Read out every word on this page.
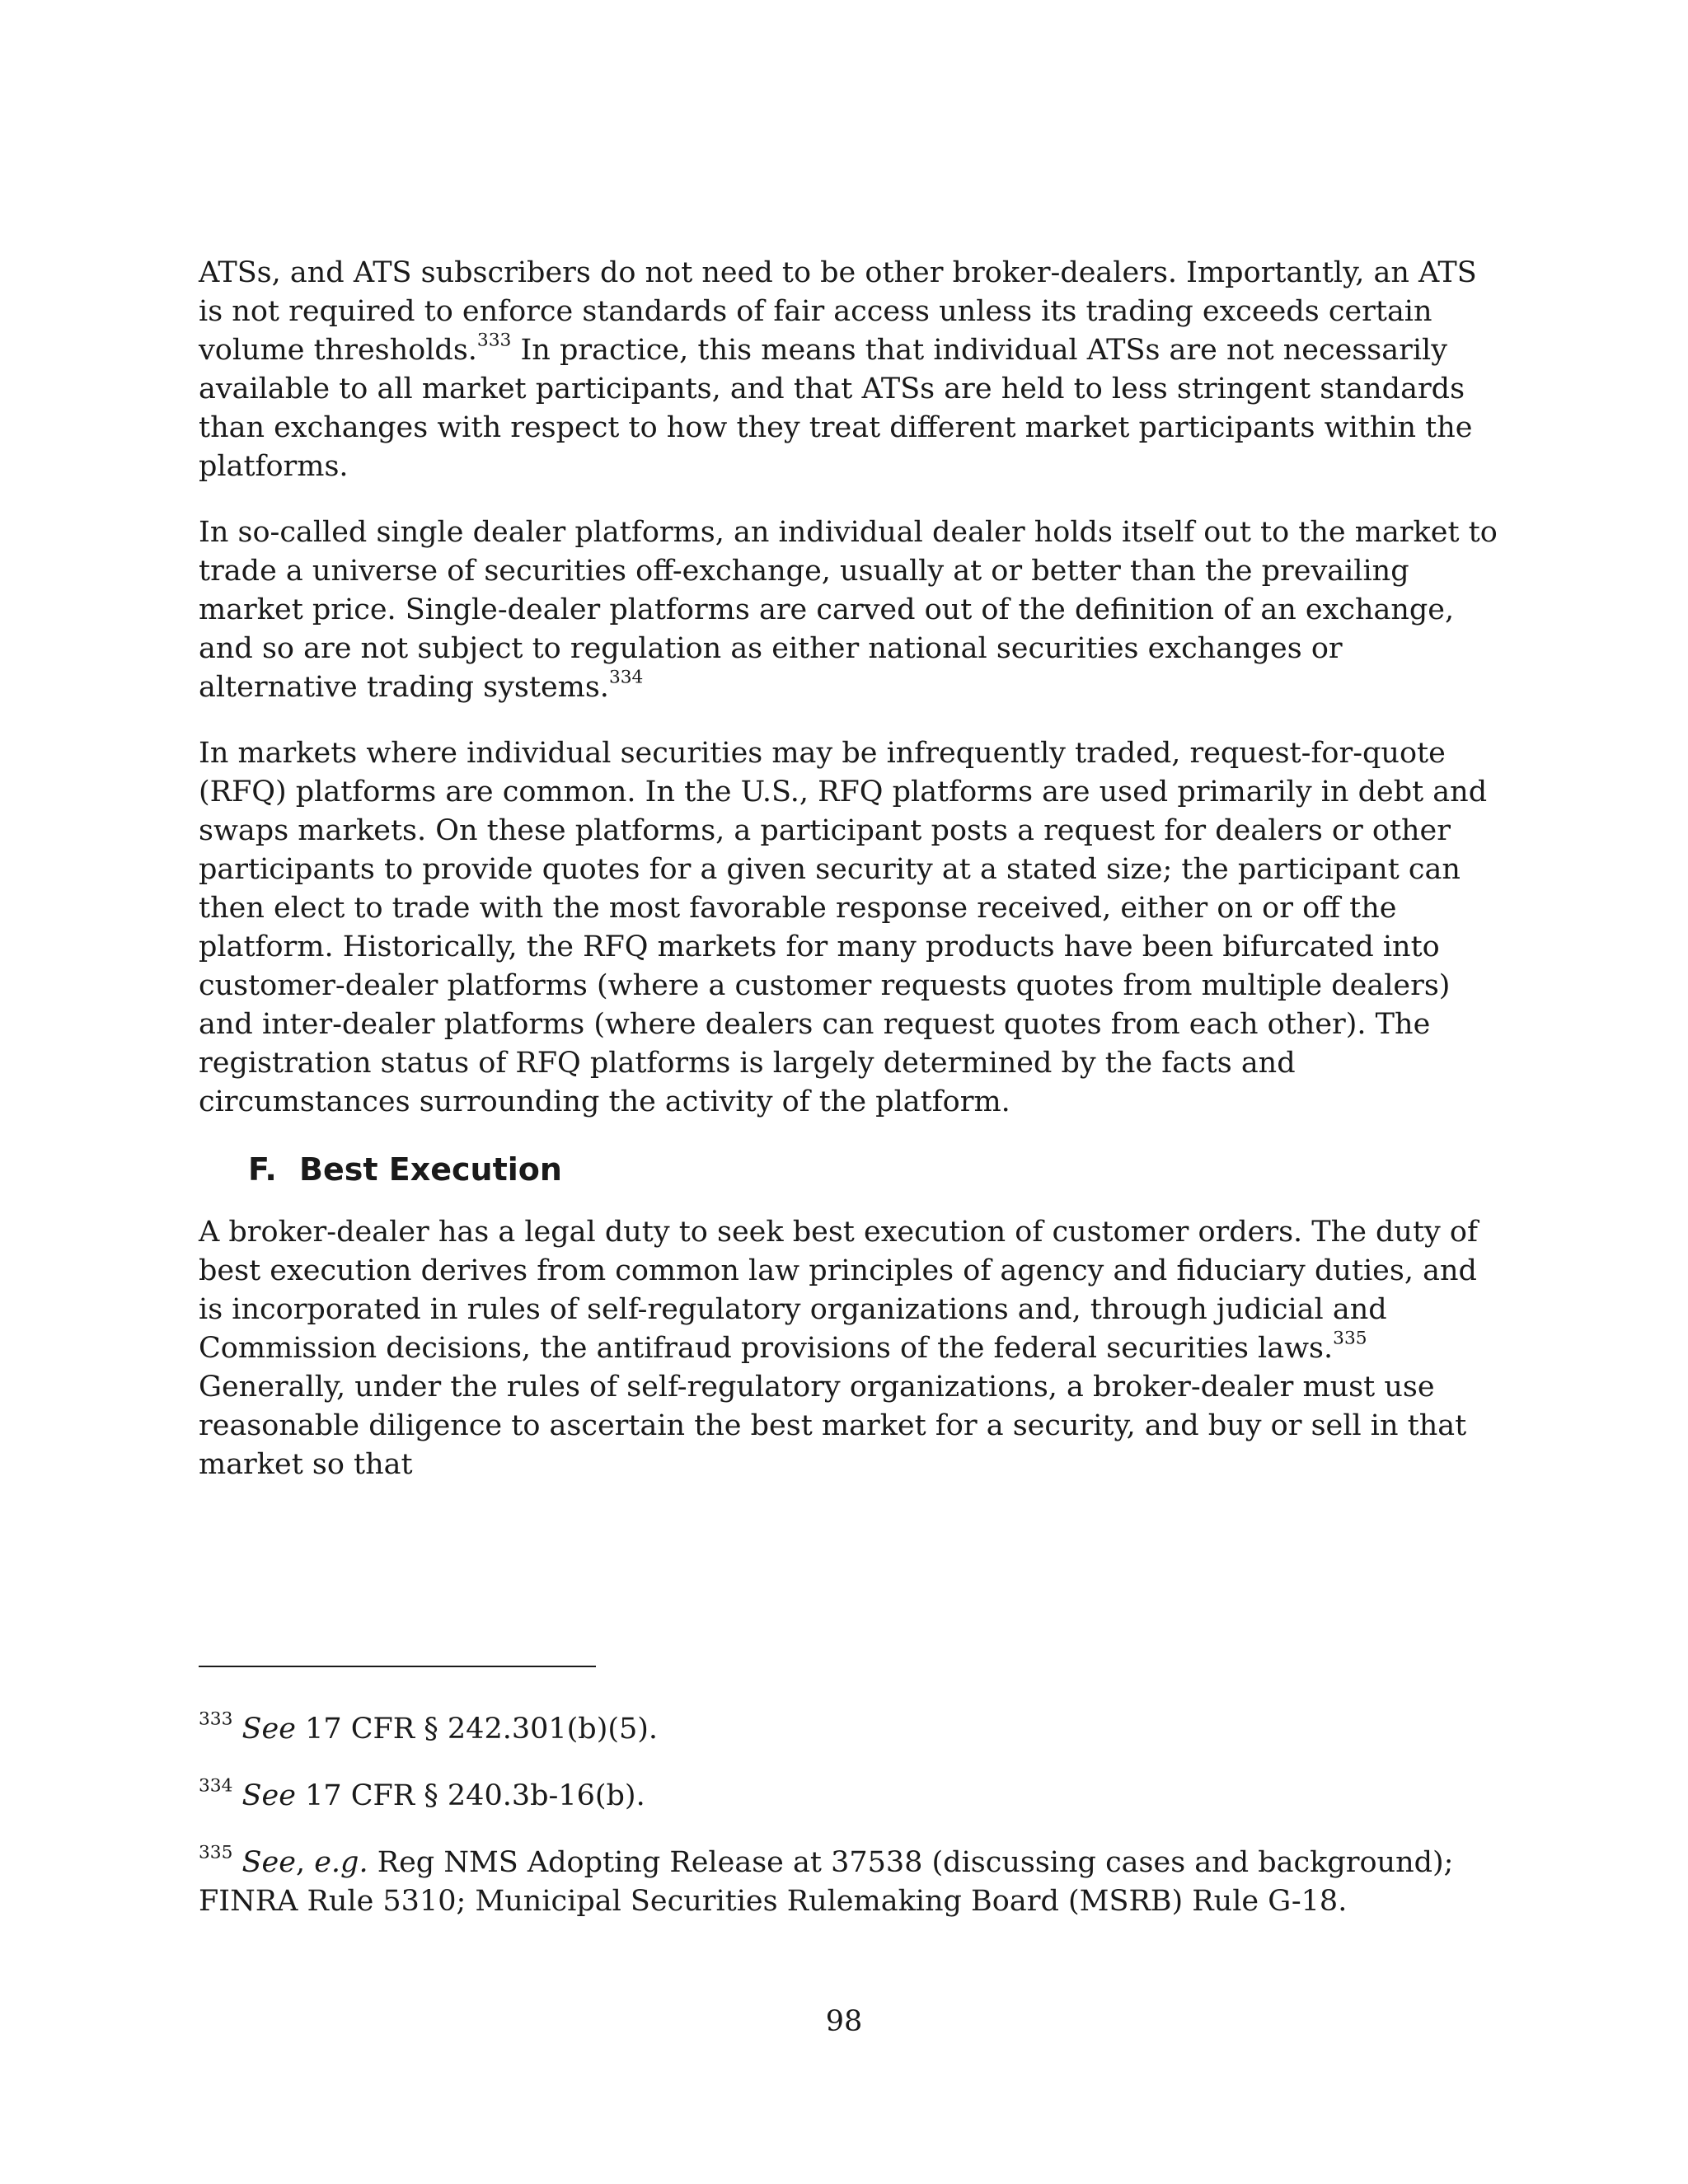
ATSs, and ATS subscribers do not need to be other broker-dealers. Importantly, an ATS is not required to enforce standards of fair access unless its trading exceeds certain volume thresholds.$^{333}$ In practice, this means that individual ATSs are not necessarily available to all market participants, and that ATSs are held to less stringent standards than exchanges with respect to how they treat different market participants within the platforms.

In so-called single dealer platforms, an individual dealer holds itself out to the market to trade a universe of securities off-exchange, usually at or better than the prevailing market price. Single-dealer platforms are carved out of the definition of an exchange, and so are not subject to regulation as either national securities exchanges or alternative trading systems.$^{334}$

In markets where individual securities may be infrequently traded, request-for-quote (RFQ) platforms are common. In the U.S., RFQ platforms are used primarily in debt and swaps markets. On these platforms, a participant posts a request for dealers or other participants to provide quotes for a given security at a stated size; the participant can then elect to trade with the most favorable response received, either on or off the platform. Historically, the RFQ markets for many products have been bifurcated into customer-dealer platforms (where a customer requests quotes from multiple dealers) and inter-dealer platforms (where dealers can request quotes from each other). The registration status of RFQ platforms is largely determined by the facts and circumstances surrounding the activity of the platform.

F. Best Execution

A broker-dealer has a legal duty to seek best execution of customer orders. The duty of best execution derives from common law principles of agency and fiduciary duties, and is incorporated in rules of self-regulatory organizations and, through judicial and Commission decisions, the antifraud provisions of the federal securities laws.$^{335}$ Generally, under the rules of self-regulatory organizations, a broker-dealer must use reasonable diligence to ascertain the best market for a security, and buy or sell in that market so that

$^{333}$ See 17 CFR § 242.301(b)(5).

$^{334}$ See 17 CFR § 240.3b-16(b).

$^{335}$ See, e.g. Reg NMS Adopting Release at 37538 (discussing cases and background); FINRA Rule 5310; Municipal Securities Rulemaking Board (MSRB) Rule G-18.

98
